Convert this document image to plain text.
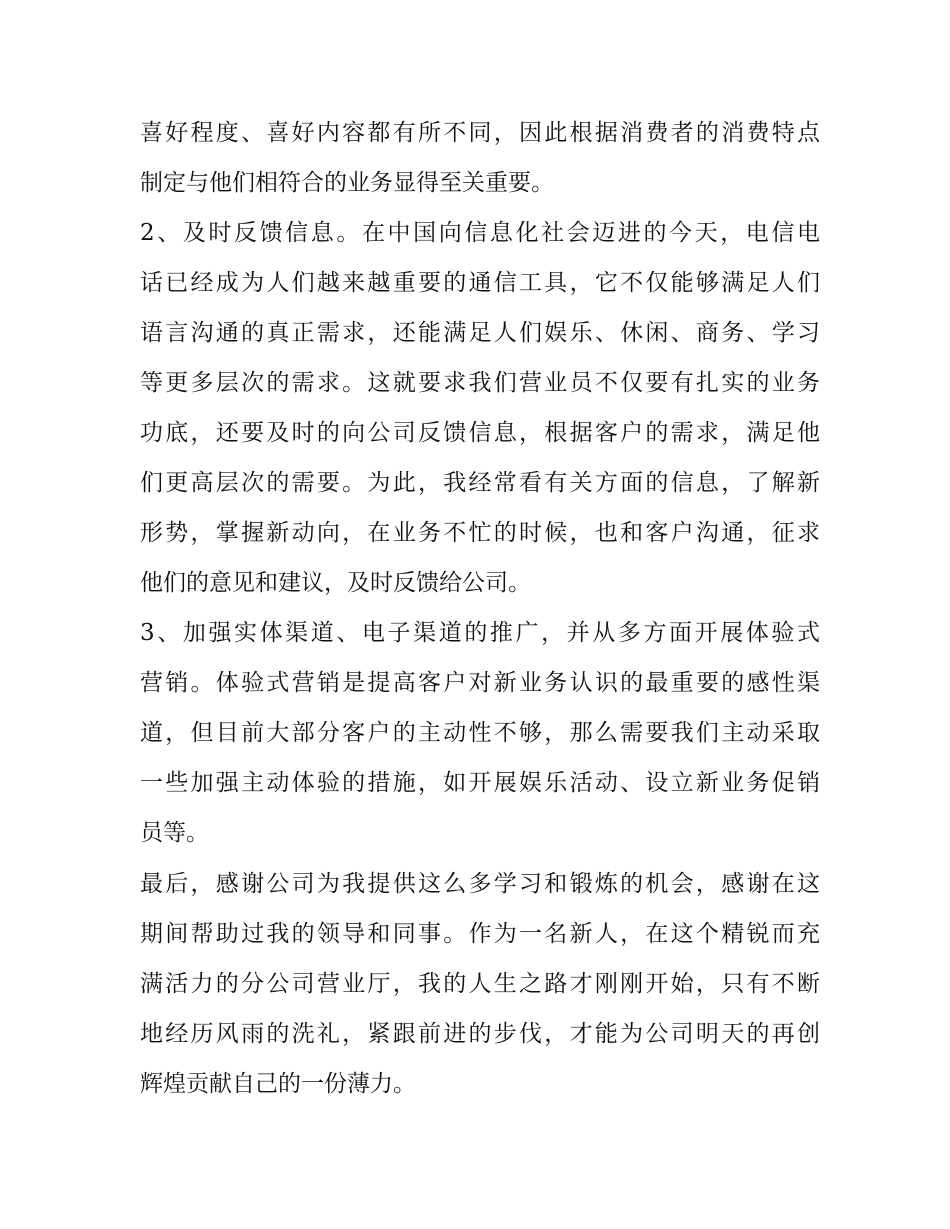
喜好程度、喜好内容都有所不同，因此根据消费者的消费特点
制定与他们相符合的业务显得至关重要。
2、及时反馈信息。在中国向信息化社会迈进的今天，电信电
话已经成为人们越来越重要的通信工具，它不仅能够满足人们
语言沟通的真正需求，还能满足人们娱乐、休闲、商务、学习
等更多层次的需求。这就要求我们营业员不仅要有扎实的业务
功底，还要及时的向公司反馈信息，根据客户的需求，满足他
们更高层次的需要。为此，我经常看有关方面的信息，了解新
形势，掌握新动向，在业务不忙的时候，也和客户沟通，征求
他们的意见和建议，及时反馈给公司。
3、加强实体渠道、电子渠道的推广，并从多方面开展体验式
营销。体验式营销是提高客户对新业务认识的最重要的感性渠
道，但目前大部分客户的主动性不够，那么需要我们主动采取
一些加强主动体验的措施，如开展娱乐活动、设立新业务促销
员等。
最后，感谢公司为我提供这么多学习和锻炼的机会，感谢在这
期间帮助过我的领导和同事。作为一名新人，在这个精锐而充
满活力的分公司营业厅，我的人生之路才刚刚开始，只有不断
地经历风雨的洗礼，紧跟前进的步伐，才能为公司明天的再创
辉煌贡献自己的一份薄力。
